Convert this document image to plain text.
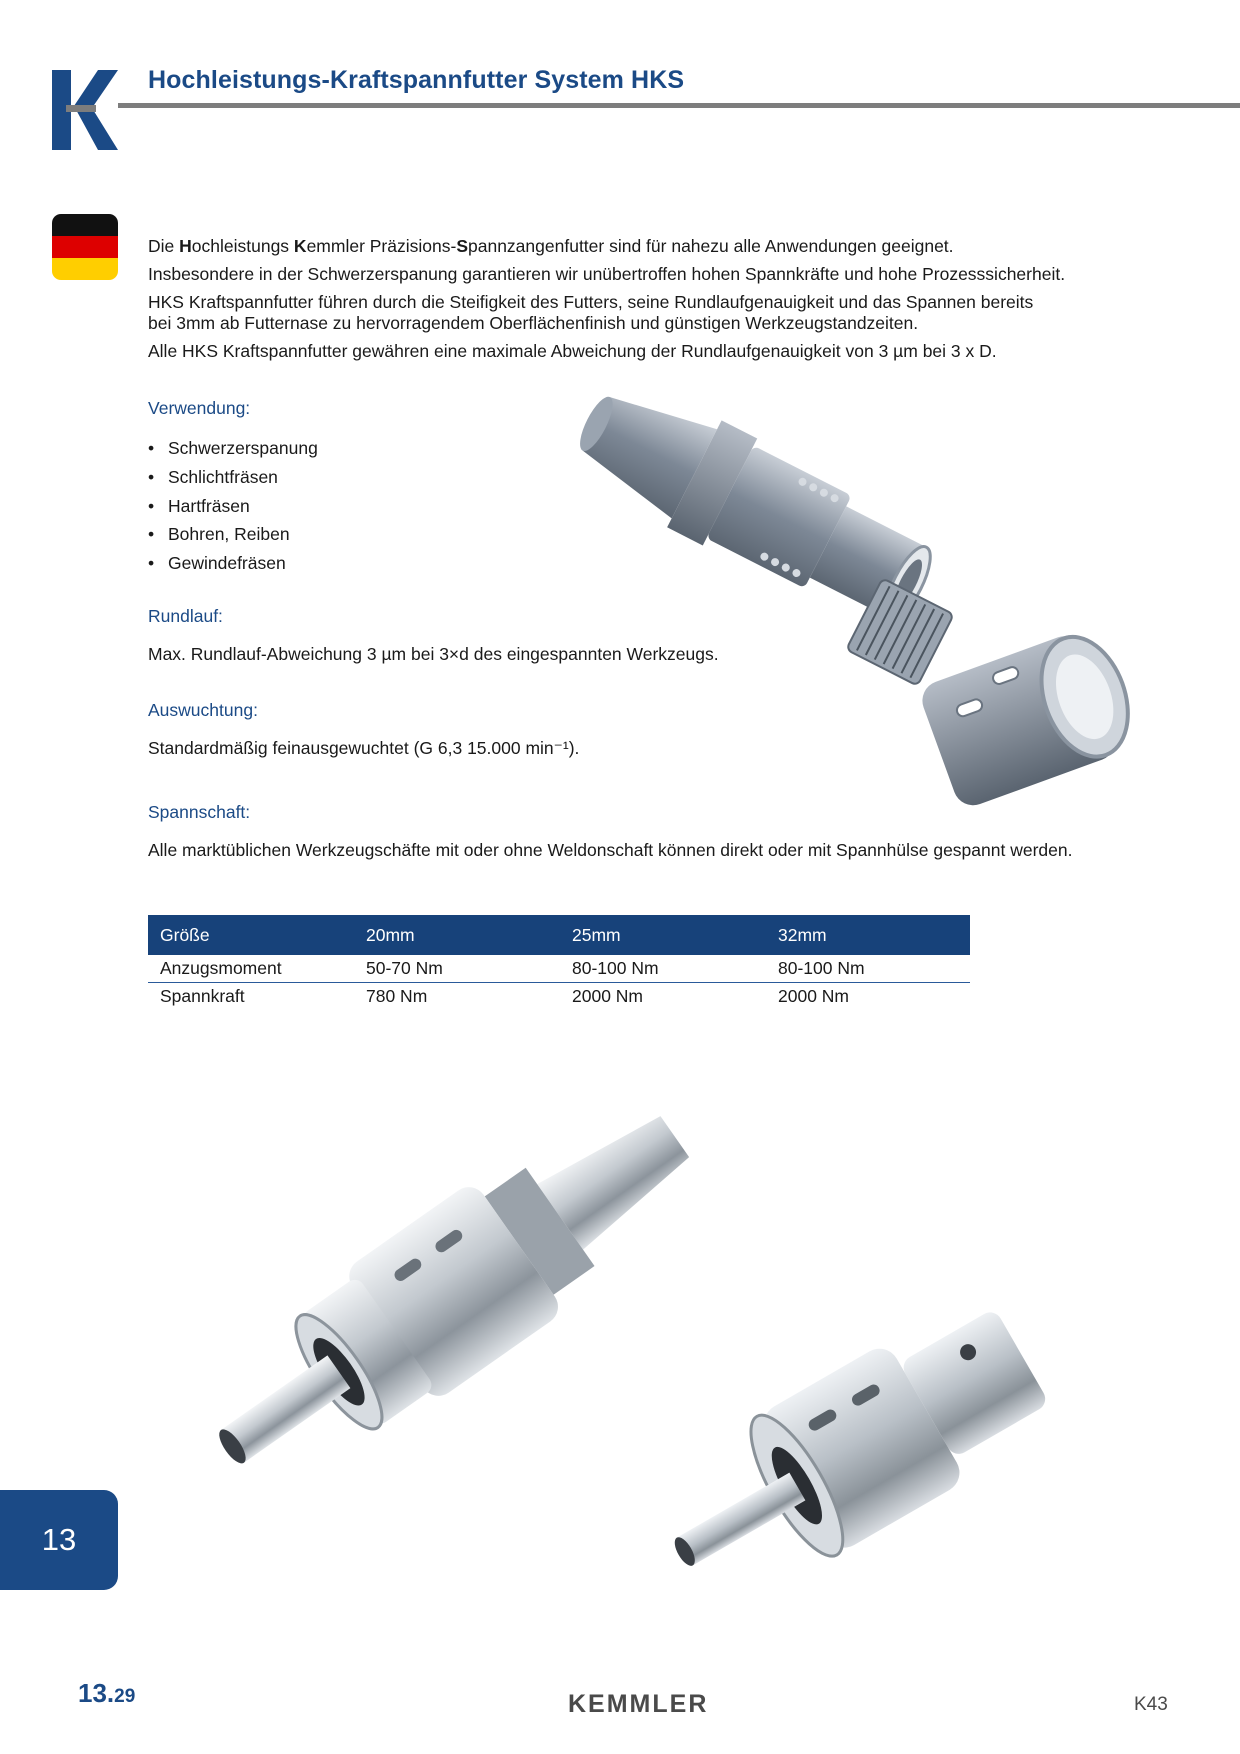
Hochleistungs-Kraftspannfutter System HKS

Die Hochleistungs Kemmler Präzisions-Spannzangenfutter sind für nahezu alle Anwendungen geeignet.

Insbesondere in der Schwerzerspanung garantieren wir unübertroffen hohen Spannkräfte und hohe Prozesssicherheit.

HKS Kraftspannfutter führen durch die Steifigkeit des Futters, seine Rundlaufgenauigkeit und das Spannen bereits
bei 3mm ab Futternase zu hervorragendem Oberflächenfinish und günstigen Werkzeugstandzeiten.

Alle HKS Kraftspannfutter gewähren eine maximale Abweichung der Rundlaufgenauigkeit von 3 µm bei 3 x D.

Verwendung:
• Schwerzerspanung
• Schlichtfräsen
• Hartfräsen
• Bohren, Reiben
• Gewindefräsen
Rundlauf:
Max. Rundlauf-Abweichung 3 µm bei 3×d des eingespannten Werkzeugs.
Auswuchtung:
Standardmäßig feinausgewuchtet (G 6,3 15.000 min⁻¹).
Spannschaft:
Alle marktüblichen Werkzeugschäfte mit oder ohne Weldonschaft können direkt oder mit Spannhülse gespannt werden.
Größe	20mm	25mm	32mm
Anzugsmoment	50-70 Nm	80-100 Nm	80-100 Nm
Spannkraft	780 Nm	2000 Nm	2000 Nm
13
13.29	KEMMLER	K43
